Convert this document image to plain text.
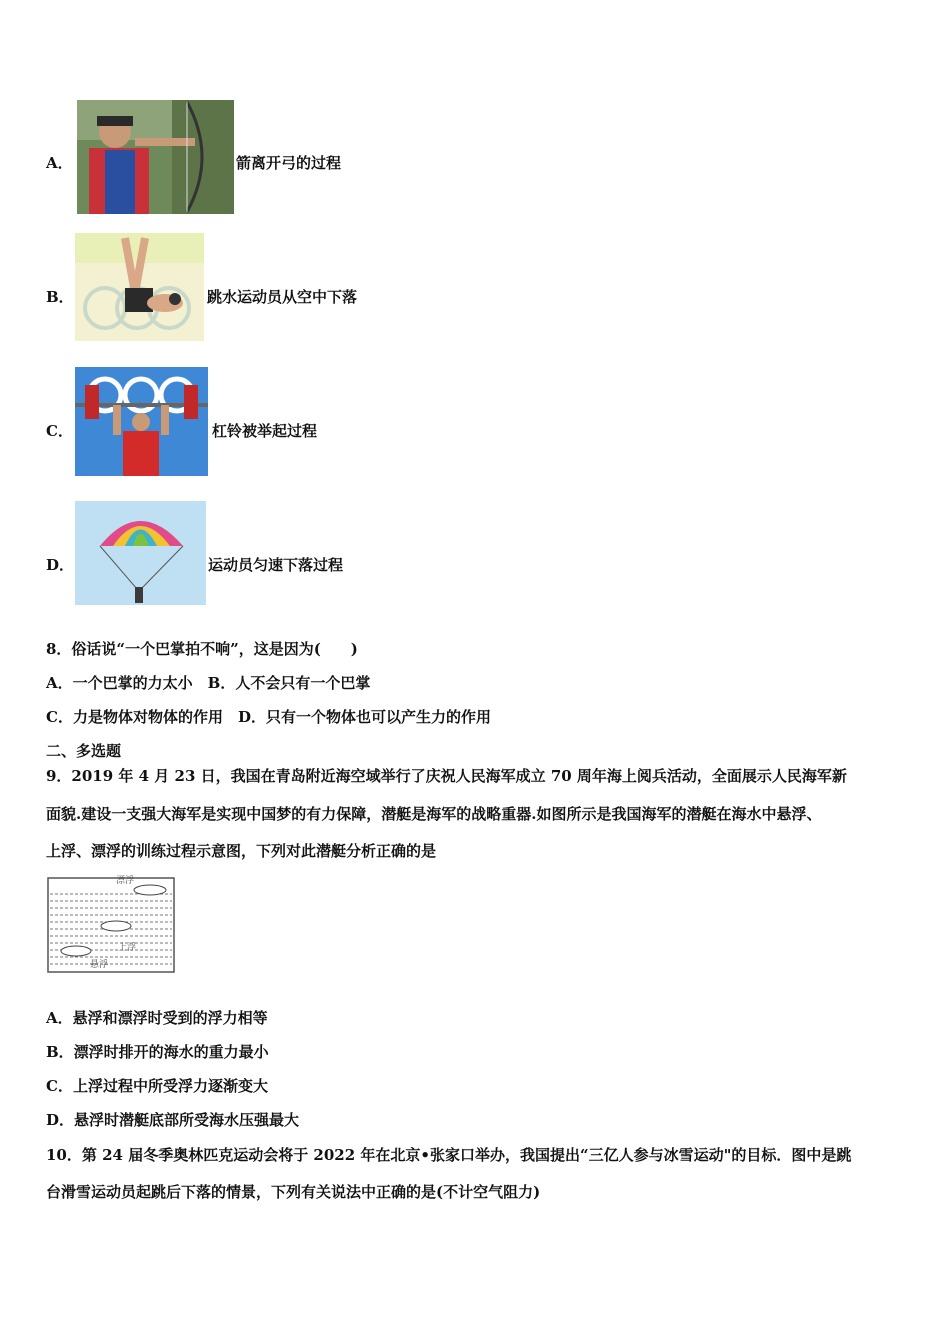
A．	箭离开弓的过程
B．	跳水运动员从空中下落
C．	杠铃被举起过程
D．	运动员匀速下落过程
8．俗话说“一个巴掌拍不响”，这是因为(　　)
A．一个巴掌的力太小　B．人不会只有一个巴掌
C．力是物体对物体的作用　D．只有一个物体也可以产生力的作用
二、多选题
9．2019 年 4 月 23 日，我国在青岛附近海空域举行了庆祝人民海军成立 70 周年海上阅兵活动，全面展示人民海军新
面貌.建设一支强大海军是实现中国梦的有力保障，潜艇是海军的战略重器.如图所示是我国海军的潜艇在海水中悬浮、
上浮、漂浮的训练过程示意图，下列对此潜艇分析正确的是
漂浮
上浮
悬浮
A．悬浮和漂浮时受到的浮力相等
B．漂浮时排开的海水的重力最小
C．上浮过程中所受浮力逐渐变大
D．悬浮时潜艇底部所受海水压强最大
10．第 24 届冬季奥林匹克运动会将于 2022 年在北京•张家口举办，我国提出“三亿人参与冰雪运动"的目标．图中是跳
台滑雪运动员起跳后下落的情景，下列有关说法中正确的是(不计空气阻力)
